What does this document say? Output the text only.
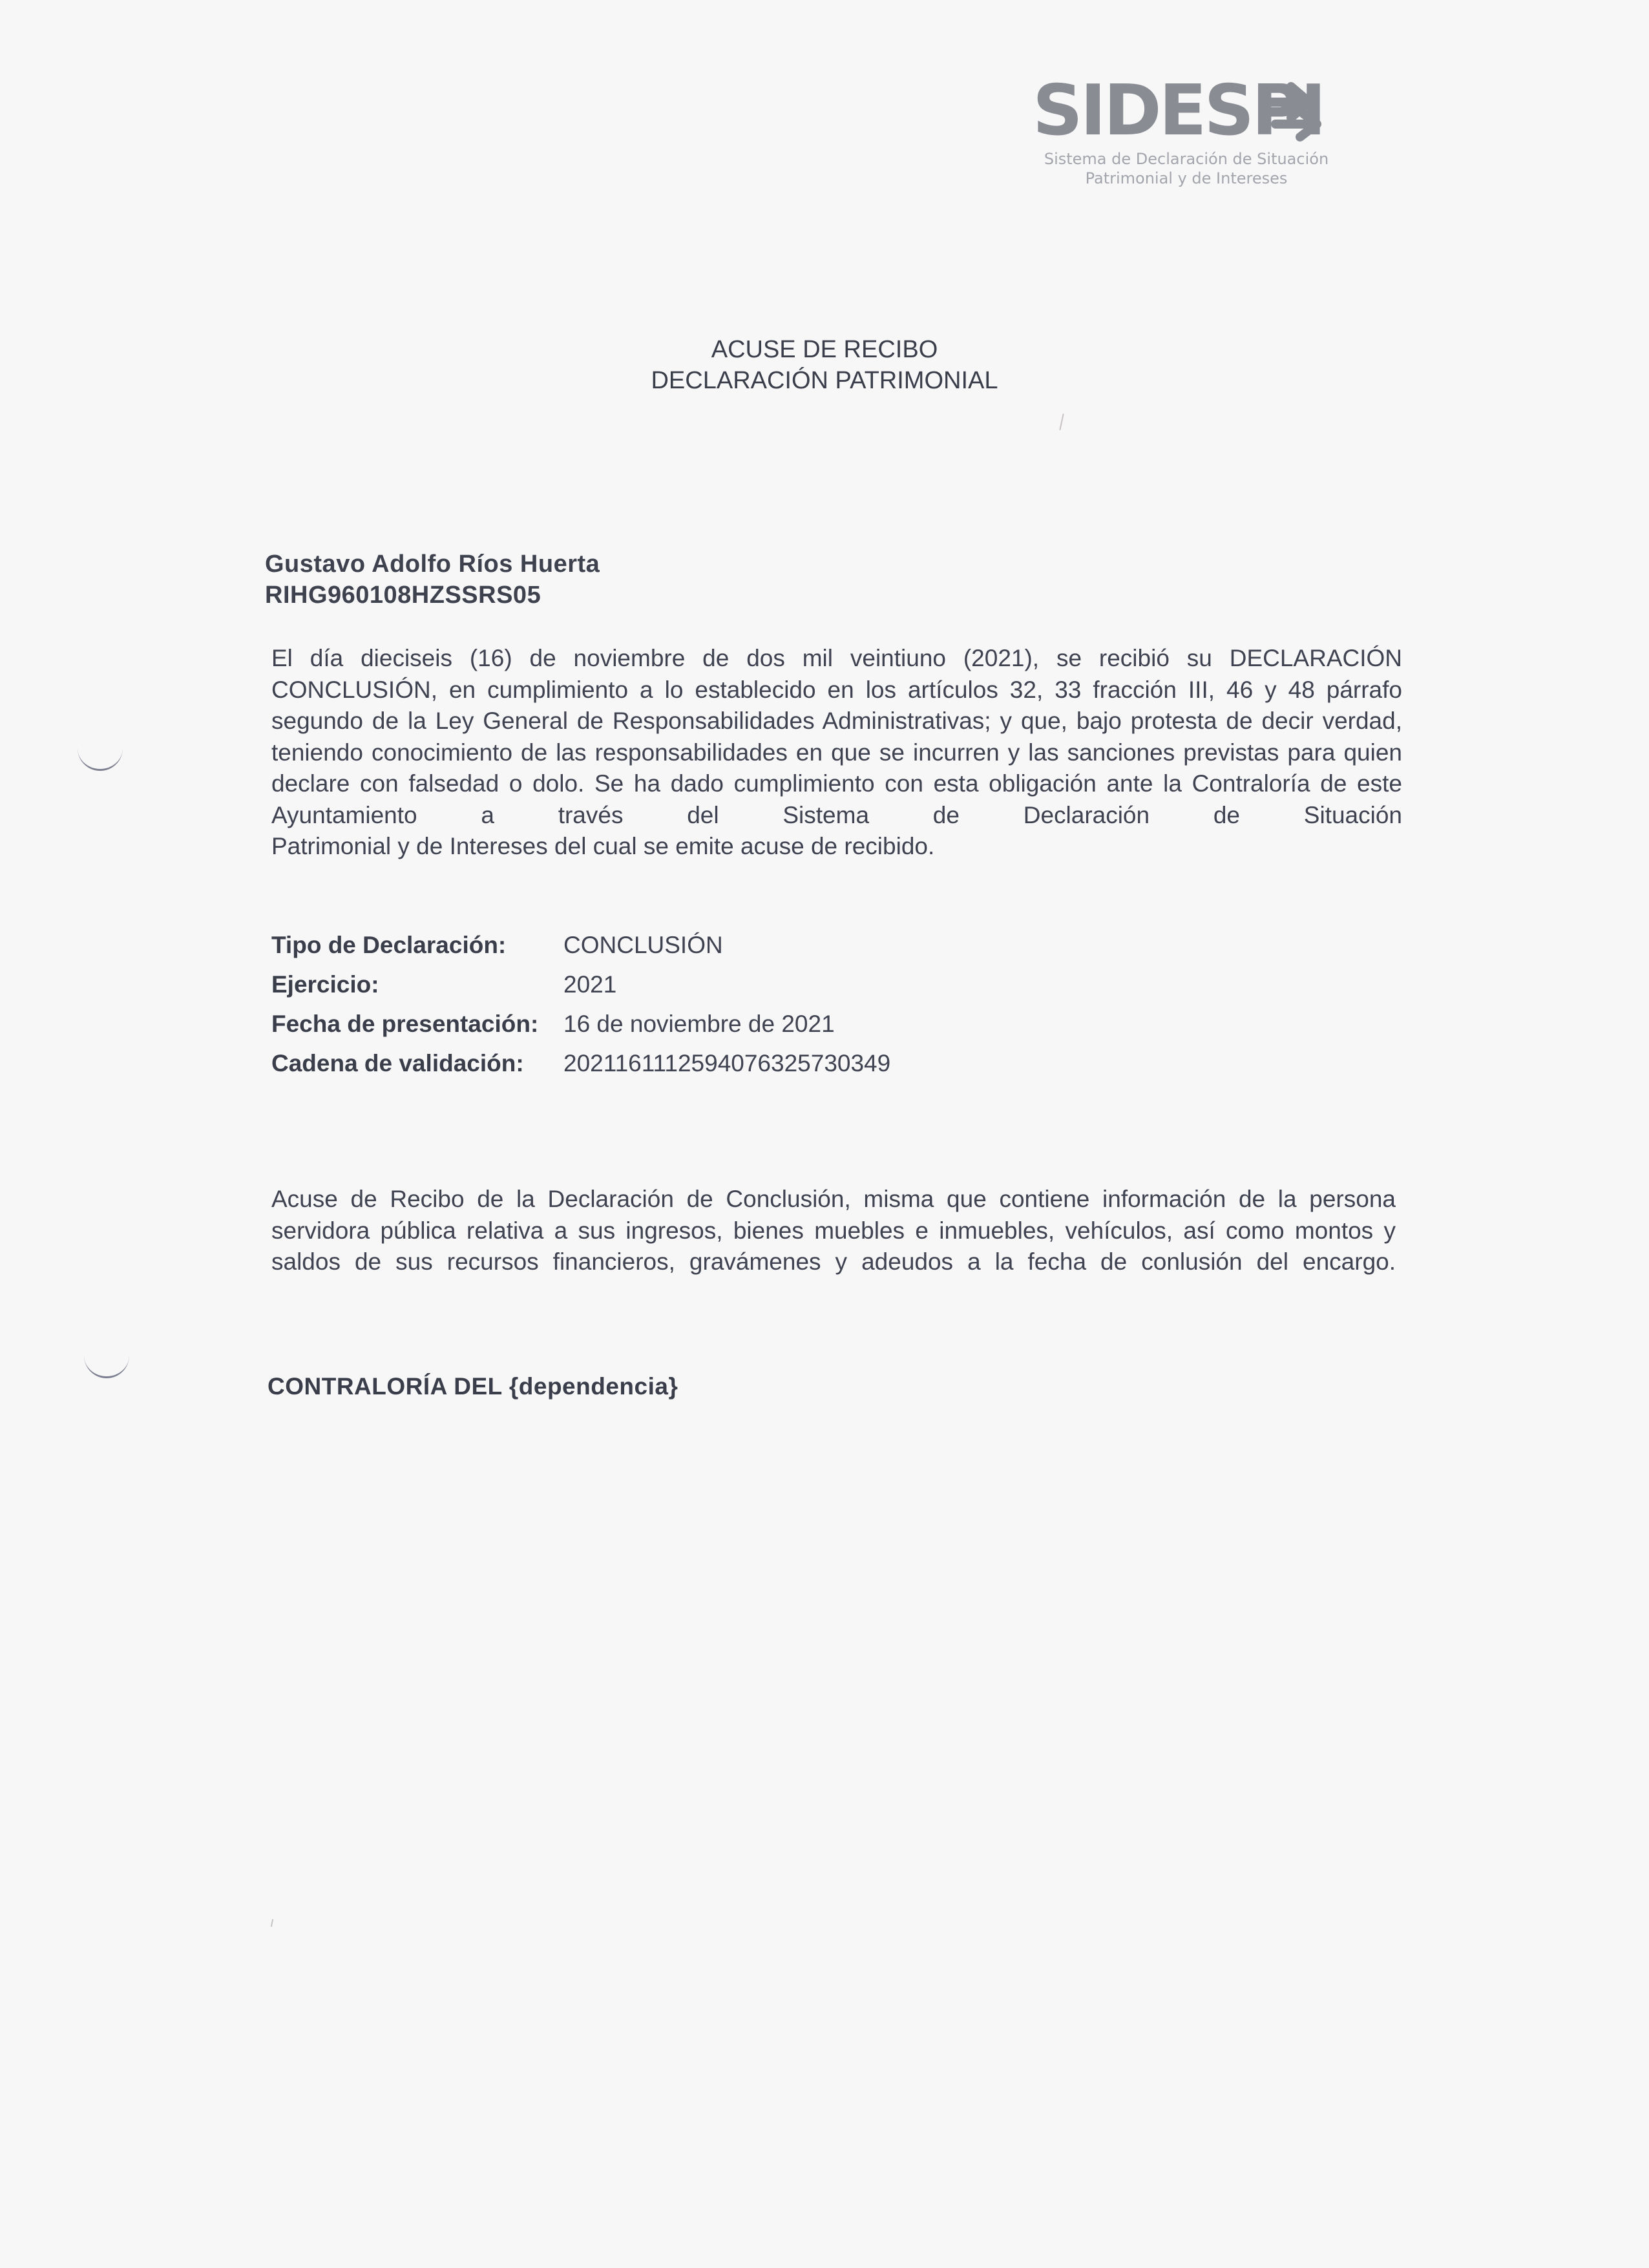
SIDESPI
Sistema de Declaración de Situación
Patrimonial y de Intereses
ACUSE DE RECIBO
DECLARACIÓN PATRIMONIAL
Gustavo Adolfo Ríos Huerta
RIHG960108HZSSRS05
El día dieciseis (16) de noviembre de dos mil veintiuno (2021), se recibió su DECLARACIÓN CONCLUSIÓN, en cumplimiento a lo establecido en los artículos 32, 33 fracción III, 46 y 48 párrafo segundo de la Ley General de Responsabilidades Administrativas; y que, bajo protesta de decir verdad, teniendo conocimiento de las responsabilidades en que se incurren y las sanciones previstas para quien declare con falsedad o dolo. Se ha dado cumplimiento con esta obligación ante la Contraloría de este Ayuntamiento a través del Sistema de Declaración de Situación
Patrimonial y de Intereses del cual se emite acuse de recibido.
Tipo de Declaración: CONCLUSIÓN
Ejercicio:	2021
Fecha de presentación: 16 de noviembre de 2021
Cadena de validación: 2021161112594076325730349
Acuse de Recibo de la Declaración de Conclusión, misma que contiene información de la persona servidora pública relativa a sus ingresos, bienes muebles e inmuebles, vehículos, así como montos y saldos de sus recursos financieros, gravámenes y adeudos a la fecha de conlusión del encargo.
CONTRALORÍA DEL {dependencia}
